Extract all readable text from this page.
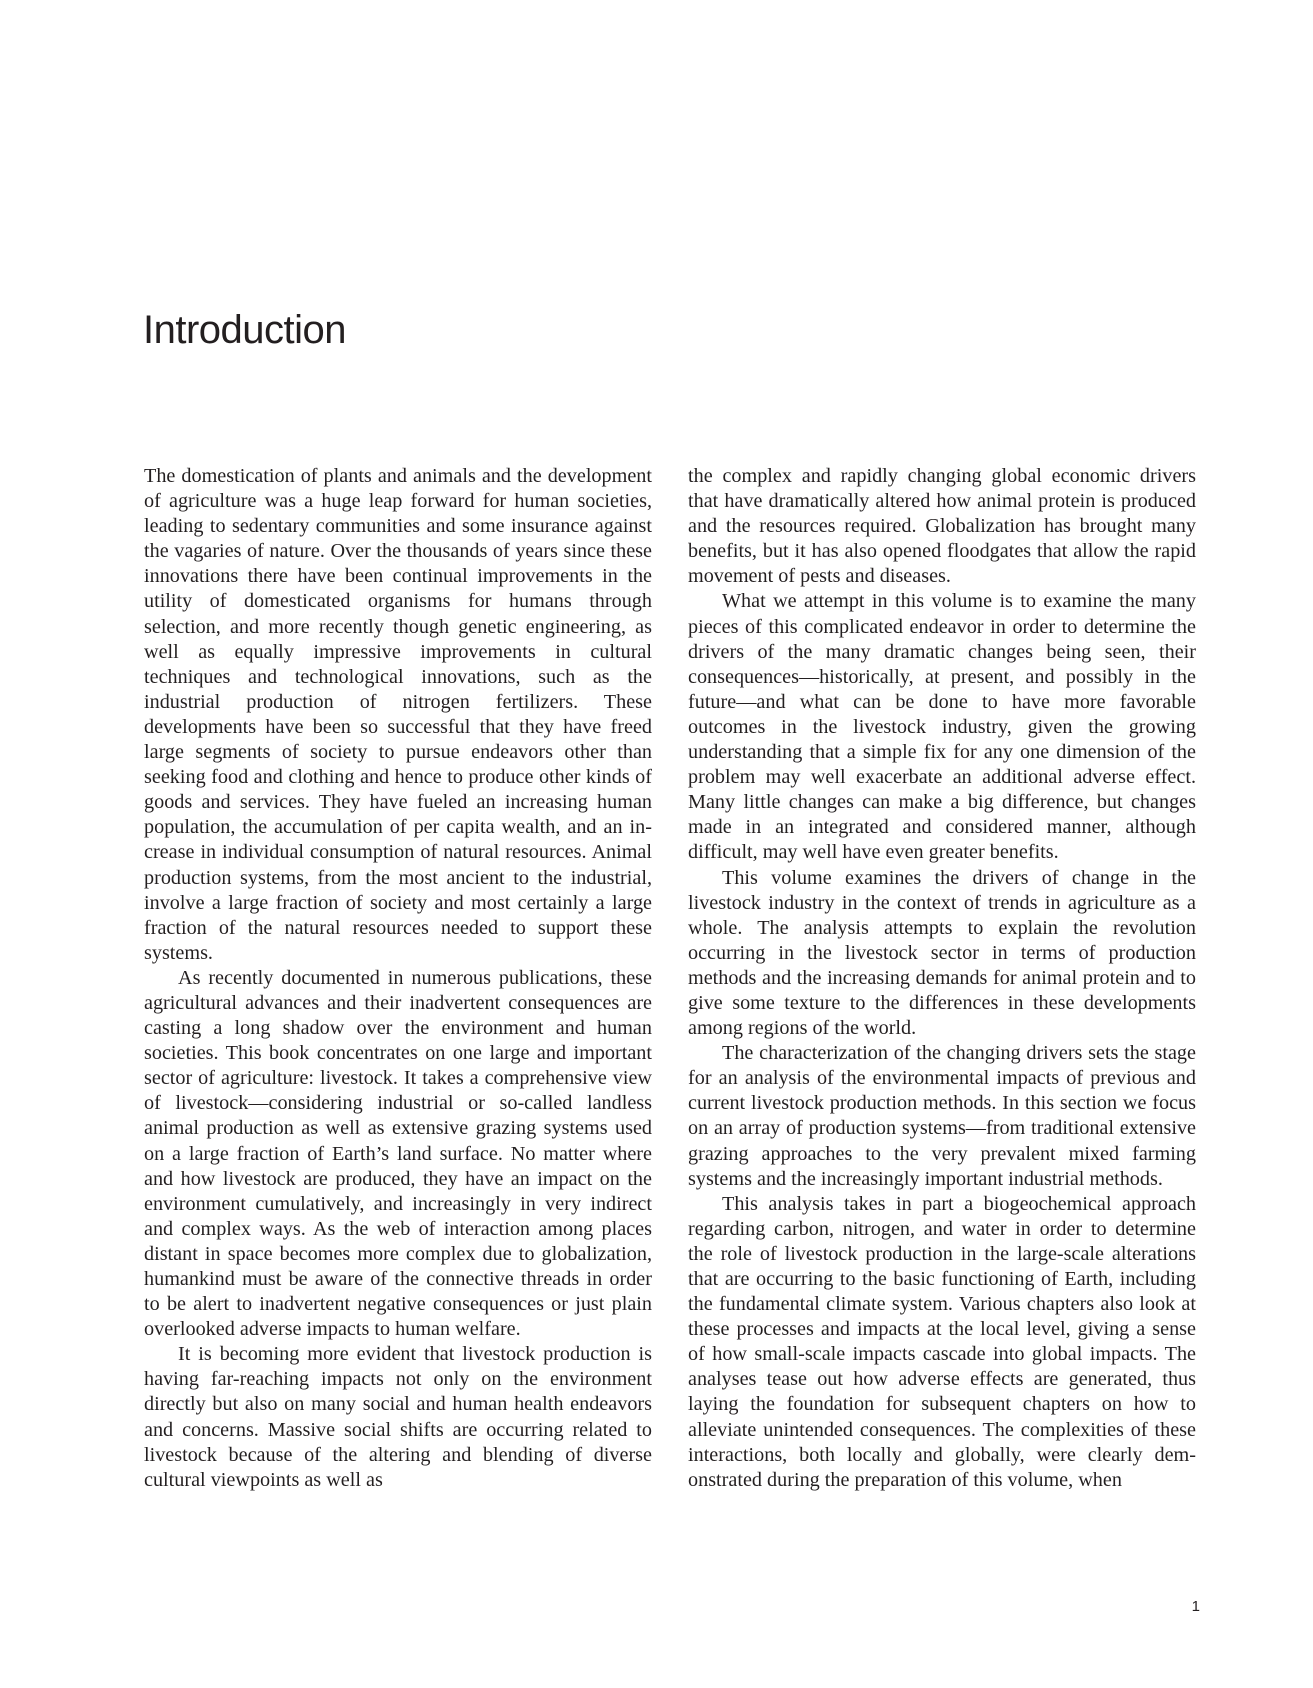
Introduction

The domestication of plants and animals and the development of agriculture was a huge leap forward for human societies, leading to sedentary communities and some insurance against the vagaries of nature. Over the thousands of years since these innovations there have been continual improvements in the utility of domesticated organisms for humans through selection, and more recently though genetic engineering, as well as equally impressive improvements in cultural techniques and technological innovations, such as the industrial production of nitrogen fertilizers. These developments have been so successful that they have freed large segments of society to pursue endeavors other than seeking food and clothing and hence to produce other kinds of goods and services. They have fueled an increasing human population, the accumulation of per capita wealth, and an increase in individual consumption of natural resources. Animal production systems, from the most ancient to the industrial, involve a large fraction of society and most certainly a large fraction of the natural resources needed to support these systems.

As recently documented in numerous publications, these agricultural advances and their inadvertent consequences are casting a long shadow over the environment and human societies. This book concentrates on one large and important sector of agriculture: livestock. It takes a comprehensive view of livestock—considering industrial or so-called landless animal production as well as extensive grazing systems used on a large fraction of Earth’s land surface. No matter where and how livestock are produced, they have an impact on the environment cumulatively, and increasingly in very indirect and complex ways. As the web of interaction among places distant in space becomes more complex due to globalization, humankind must be aware of the connective threads in order to be alert to inadvertent negative consequences or just plain overlooked adverse impacts to human welfare.

It is becoming more evident that livestock production is having far-reaching impacts not only on the environment directly but also on many social and human health endeavors and concerns. Massive social shifts are occurring related to livestock because of the altering and blending of diverse cultural viewpoints as well as

the complex and rapidly changing global economic drivers that have dramatically altered how animal protein is produced and the resources required. Globalization has brought many benefits, but it has also opened floodgates that allow the rapid movement of pests and diseases.

What we attempt in this volume is to examine the many pieces of this complicated endeavor in order to determine the drivers of the many dramatic changes being seen, their consequences—historically, at present, and possibly in the future—and what can be done to have more favorable outcomes in the livestock industry, given the growing understanding that a simple fix for any one dimension of the problem may well exacerbate an additional adverse effect. Many little changes can make a big difference, but changes made in an integrated and considered manner, although difficult, may well have even greater benefits.

This volume examines the drivers of change in the livestock industry in the context of trends in agriculture as a whole. The analysis attempts to explain the revolution occurring in the livestock sector in terms of production methods and the increasing demands for animal protein and to give some texture to the differences in these developments among regions of the world.

The characterization of the changing drivers sets the stage for an analysis of the environmental impacts of previous and current livestock production methods. In this section we focus on an array of production systems—from traditional extensive grazing approaches to the very prevalent mixed farming systems and the increasingly important industrial methods.

This analysis takes in part a biogeochemical approach regarding carbon, nitrogen, and water in order to determine the role of livestock production in the large-scale alterations that are occurring to the basic functioning of Earth, including the fundamental climate system. Various chapters also look at these processes and impacts at the local level, giving a sense of how small-scale impacts cascade into global impacts. The analyses tease out how adverse effects are generated, thus laying the foundation for subsequent chapters on how to alleviate unintended consequences. The complexities of these interactions, both locally and globally, were clearly demonstrated during the preparation of this volume, when

1
